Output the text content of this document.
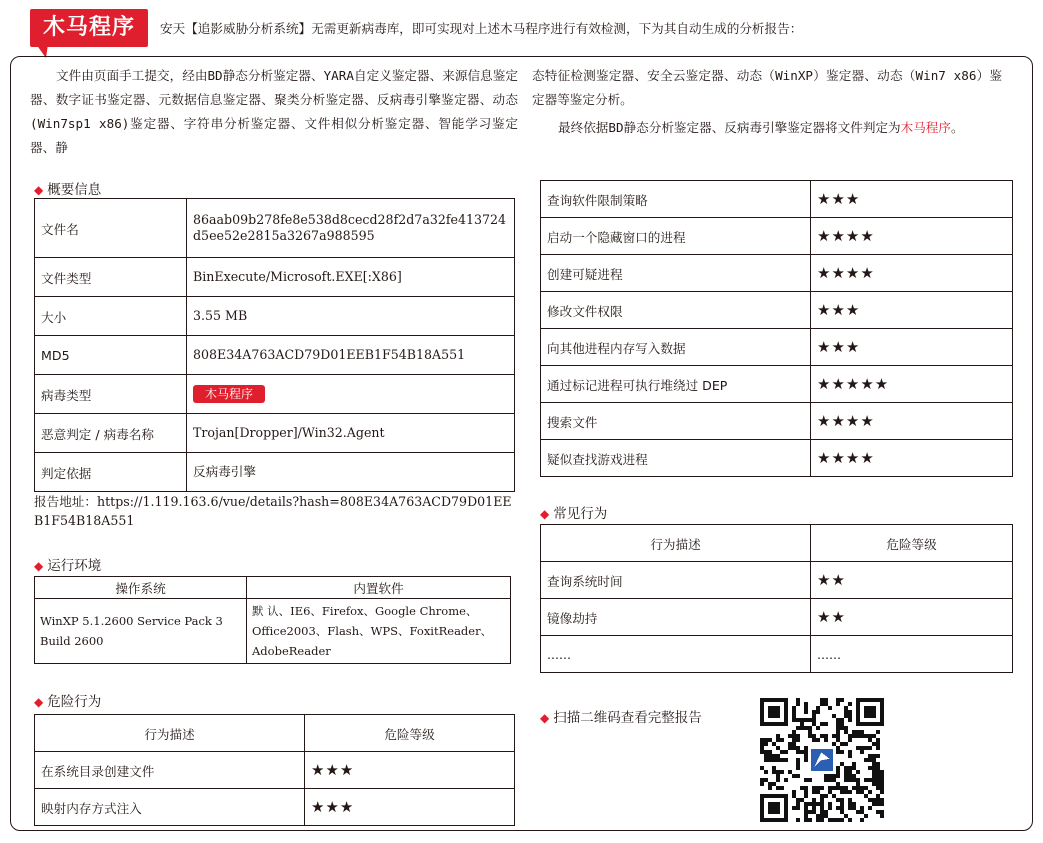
木马程序	安天【追影威胁分析系统】无需更新病毒库，即可实现对上述木马程序进行有效检测，下为其自动生成的分析报告：
文件由页面手工提交，经由BD静态分析鉴定器、YARA自定义鉴定器、来源信息鉴定器、数字证书鉴定器、元数据信息鉴定器、聚类分析鉴定器、反病毒引擎鉴定器、动态(Win7sp1 x86)鉴定器、字符串分析鉴定器、文件相似分析鉴定器、智能学习鉴定器、静
态特征检测鉴定器、安全云鉴定器、动态（WinXP）鉴定器、动态（Win7 x86）鉴定器等鉴定分析。
最终依据BD静态分析鉴定器、反病毒引擎鉴定器将文件判定为木马程序。
◆ 概要信息
文件名	86aab09b278fe8e538d8cecd28f2d7a32fe413724d5ee52e2815a3267a988595
文件类型	BinExecute/Microsoft.EXE[:X86]
大小	3.55 MB
MD5	808E34A763ACD79D01EEB1F54B18A551
病毒类型	木马程序
恶意判定 / 病毒名称	Trojan[Dropper]/Win32.Agent
判定依据	反病毒引擎
报告地址：https://1.119.163.6/vue/details?hash=808E34A763ACD79D01EEB1F54B18A551
◆ 运行环境
操作系统	内置软件
WinXP 5.1.2600 Service Pack 3 Build 2600	默 认、IE6、Firefox、Google Chrome、Office2003、Flash、WPS、FoxitReader、AdobeReader
◆ 危险行为
行为描述	危险等级
在系统目录创建文件	★★★
映射内存方式注入	★★★
查询软件限制策略	★★★
启动一个隐藏窗口的进程	★★★★
创建可疑进程	★★★★
修改文件权限	★★★
向其他进程内存写入数据	★★★
通过标记进程可执行堆绕过 DEP	★★★★★
搜索文件	★★★★
疑似查找游戏进程	★★★★
◆ 常见行为
行为描述	危险等级
查询系统时间	★★
镜像劫持	★★
......	......
◆ 扫描二维码查看完整报告
